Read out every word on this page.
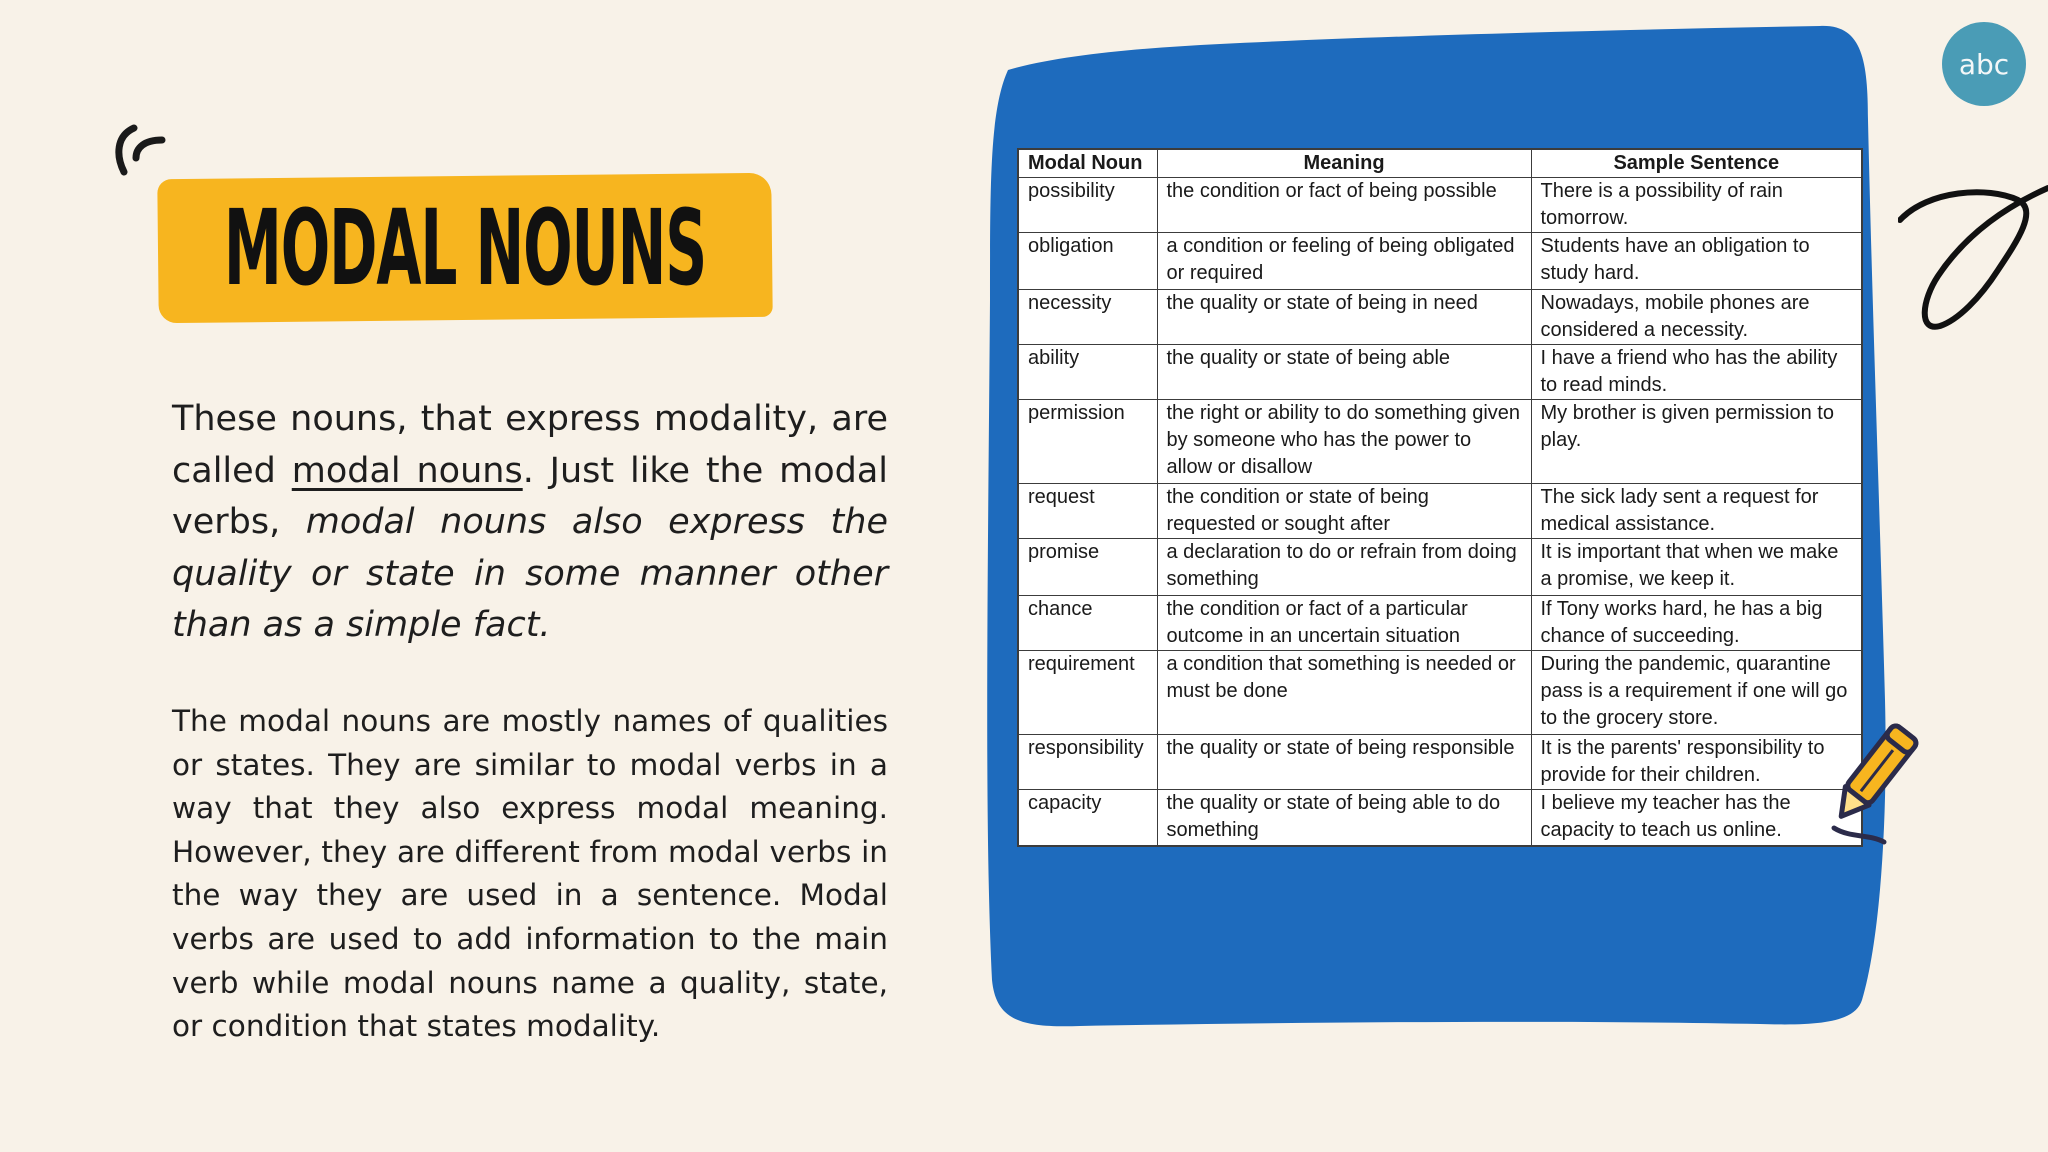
MODAL NOUNS
These nouns, that express modality, are called modal nouns. Just like the modal verbs, modal nouns also express the quality or state in some manner other than as a simple fact.
The modal nouns are mostly names of qualities or states. They are similar to modal verbs in a way that they also express modal meaning. However, they are different from modal verbs in the way they are used in a sentence. Modal verbs are used to add information to the main verb while modal nouns name a quality, state, or condition that states modality.
Modal Noun	Meaning	Sample Sentence
possibility	the condition or fact of being possible	There is a possibility of rain tomorrow.
obligation	a condition or feeling of being obligated or required	Students have an obligation to study hard.
necessity	the quality or state of being in need	Nowadays, mobile phones are considered a necessity.
ability	the quality or state of being able	I have a friend who has the ability to read minds.
permission	the right or ability to do something given by someone who has the power to allow or disallow	My brother is given permission to play.
request	the condition or state of being requested or sought after	The sick lady sent a request for medical assistance.
promise	a declaration to do or refrain from doing something	It is important that when we make a promise, we keep it.
chance	the condition or fact of a particular outcome in an uncertain situation	If Tony works hard, he has a big chance of succeeding.
requirement	a condition that something is needed or must be done	During the pandemic, quarantine pass is a requirement if one will go to the grocery store.
responsibility	the quality or state of being responsible	It is the parents' responsibility to provide for their children.
capacity	the quality or state of being able to do something	I believe my teacher has the capacity to teach us online.
abc
